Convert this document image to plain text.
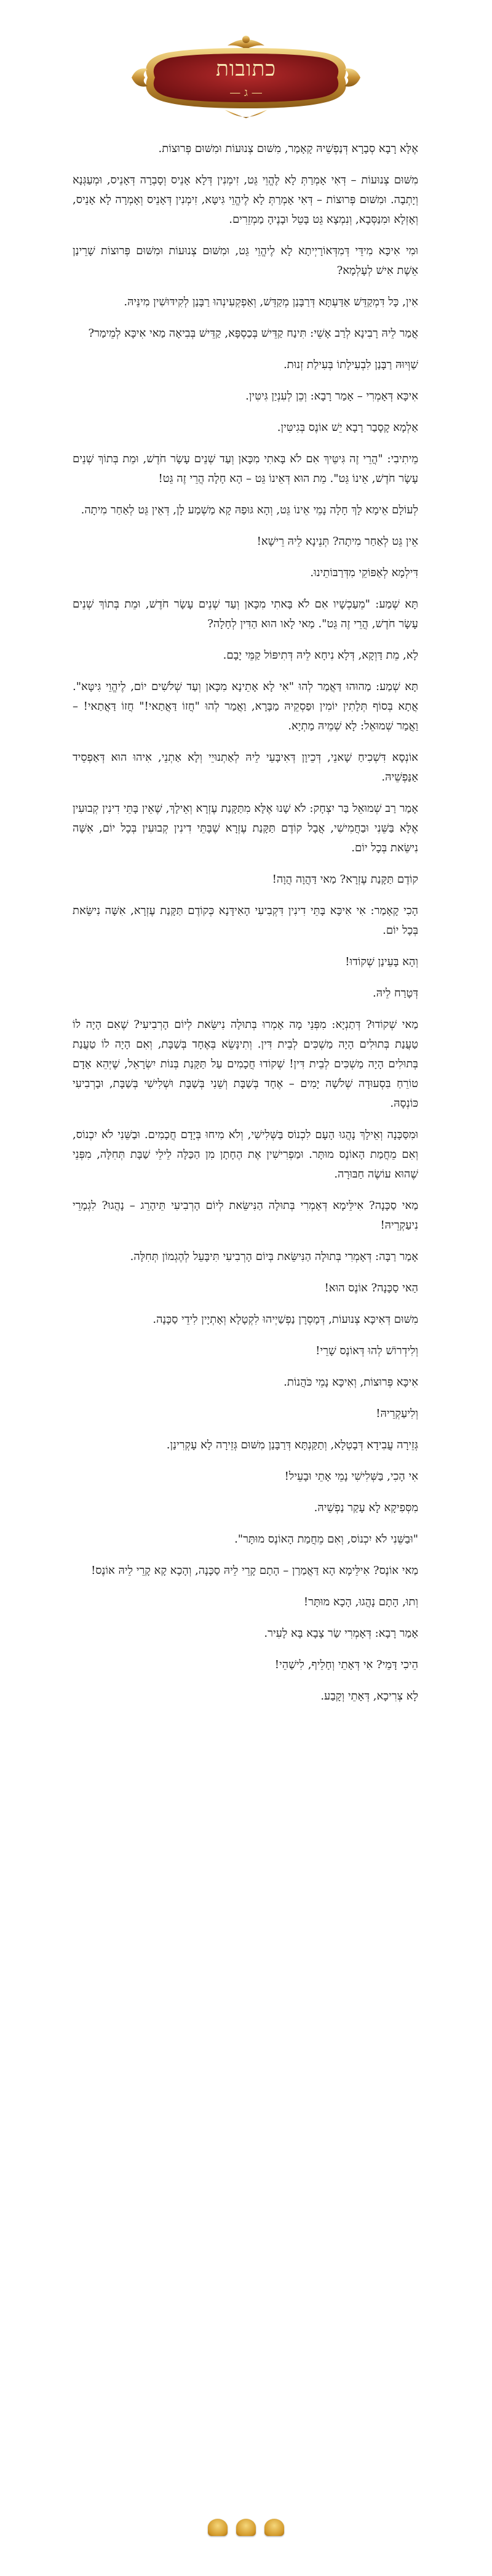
כתובות
— ג —

אֶלָּא רָבָא סְבָרָא דְּנַפְשֵׁיהּ קָאָמַר, מִשּׁוּם צְנוּעוֹת וּמִשּׁוּם פְּרוּצוֹת.

מִשּׁוּם צְנוּעוֹת – דְּאִי אָמְרַתְּ לָא לֶהֱוֵי גֵּט, זִימְנִין דְּלָא אָנֵיס וְסָבְרָה דְּאָנֵיס, וּמְעַגְּנָא וְיָתְבָה. וּמִשּׁוּם פְּרוּצוֹת – דְּאִי אָמְרַתְּ לָא לֶיהֱוֵי גִּיטָּא, זִימְנִין דְּאָנֵיס וְאָמְרָה לָא אָנֵיס, וְאָזְלָא וּמִנַּסְּבָא, וְנִמְצָא גֵּט בָּטֵל וּבָנֶיהָ מַמְזֵרִים.

וּמִי אִיכָּא מִידֵּי דְּמִדְּאוֹרָיְיתָא לָא לֶיהֱוֵי גֵּט, וּמִשּׁוּם צְנוּעוֹת וּמִשּׁוּם פְּרוּצוֹת שָׁרֵינַן אֵשֶׁת אִישׁ לְעָלְמָא?

אִין, כָּל דִּמְקַדֵּשׁ אַדַּעְתָּא דְּרַבָּנַן מְקַדֵּשׁ, וְאַפְקְעִינְהוּ רַבָּנַן לְקִידּוּשִׁין מִינֵּיהּ.

אֲמַר לֵיהּ רָבִינָא לְרַב אָשֵׁי: תִּינַח קַדֵּישׁ בְּכַסְפָּא, קַדֵּישׁ בְּבִיאָה מַאי אִיכָּא לְמֵימַר?

שַׁוְּיוּהּ רַבָּנַן לִבְעִילָתוֹ בְּעִילַת זְנוּת.

אִיכָּא דְּאָמְרִי – אָמַר רָבָא: וְכֵן לְעִנְיַן גִּיטִּין.

אַלְמָא קָסָבַר רָבָא יֵשׁ אוֹנֶס בְּגִיטִּין.

מֵיתִיבִי: "הֲרֵי זֶה גִּיטֵּיךְ אִם לֹא בָּאתִי מִכָּאן וְעַד שְׁנֵים עָשָׂר חֹדֶשׁ, וּמֵת בְּתוֹךְ שְׁנֵים עָשָׂר חֹדֶשׁ, אֵינוֹ גֵּט". מֵת הוּא דְּאֵינוֹ גֵּט – הָא חָלָה הֲרֵי זֶה גֵּט!

לְעוֹלָם אֵימָא לָךְ חָלָה נָמֵי אֵינוֹ גֵּט, וְהָא גּוּפַהּ קָא מַשְׁמַע לָן, דְּאֵין גֵּט לְאַחַר מִיתָה.

אֵין גֵּט לְאַחַר מִיתָה? תְּנֵינָא לֵיהּ רֵישָׁא!

דִּילְמָא לְאַפּוֹקֵי מִדְּרַבּוֹתֵינוּ.

תָּא שְׁמַע: "מֵעַכְשָׁיו אִם לֹא בָּאתִי מִכָּאן וְעַד שְׁנֵים עָשָׂר חֹדֶשׁ, וּמֵת בְּתוֹךְ שְׁנֵים עָשָׂר חֹדֶשׁ, הֲרֵי זֶה גֵּט". מַאי לָאו הוּא הַדִּין לְחָלָה?

לָא, מֵת דַּוְקָא, דְּלָא נִיחָא לֵיהּ דְּתִיפּוֹל קַמֵּי יָבָם.

תָּא שְׁמַע: מַהוּהוּ דַּאֲמַר לְהוּ "אִי לָא אָתֵינָא מִכָּאן וְעַד שְׁלֹשִׁים יוֹם, לֶיהֱוֵי גִּיטָּא". אֲתָא בְּסוֹף תְּלָתִין יוֹמִין וּפַסְקֵיהּ מַבָּרָא, וַאֲמַר לְהוּ "חֲזוֹ דַּאֲתַאי!" חֲזוֹ דַּאֲתַאי! – וַאֲמַר שְׁמוּאֵל: לָא שְׁמֵיהּ מַתְיָא.

אוֹנְסָא דִּשְׁכִיחַ שָׁאנֵי, דְּכֵיוָן דְּאִיבָּעֵי לֵיהּ לְאַתְנוּיֵי וְלָא אַתְנֵי, אִיהוּ הוּא דְּאַפְסֵיד אַנַּפְשֵׁיהּ.

אָמַר רַב שְׁמוּאֵל בַּר יִצְחָק: לֹא שָׁנוּ אֶלָּא מִתַּקָּנַת עֶזְרָא וְאֵילָךְ, שֶׁאֵין בָּתֵּי דִינִין קְבוּעִין אֶלָּא בַּשֵּׁנִי וּבַחֲמִישִׁי, אֲבָל קוֹדֶם תַּקָּנַת עֶזְרָא שֶׁבָּתֵּי דִינִין קְבוּעִין בְּכָל יוֹם, אִשָּׁה נִישֵּׂאת בְּכָל יוֹם.

קוֹדֶם תַּקָּנַת עֶזְרָא? מַאי דַּהֲוָה הֲוָה!

הָכִי קָאָמַר: אִי אִיכָּא בָּתֵּי דִינִין דִּקְבִיעִי הָאִידָּנָא כְּקוֹדֶם תַּקָּנַת עֶזְרָא, אִשָּׁה נִישֵּׂאת בְּכָל יוֹם.

וְהָא בָּעֵינַן שְׁקוֹדוּ!

דְּטָרַח לֵיהּ.

מַאי שְׁקוֹדוּ? דְּתַנְיָא: מִפְּנֵי מָה אָמְרוּ בְּתוּלָה נִישֵּׂאת לְיוֹם הָרְבִיעִי? שֶׁאִם הָיָה לוֹ טַעֲנַת בְּתוּלִים הָיָה מַשְׁכִּים לְבֵית דִּין. וְתִינָּשֵׂא בְּאֶחָד בְּשַׁבָּת, וְאִם הָיָה לוֹ טַעֲנַת בְּתוּלִים הָיָה מַשְׁכִּים לְבֵית דִּין! שְׁקוֹדוּ חֲכָמִים עַל תַּקָּנַת בְּנוֹת יִשְׂרָאֵל, שֶׁיְּהֵא אָדָם טוֹרֵחַ בִּסְעוּדָה שְׁלֹשָׁה יָמִים – אֶחָד בְּשַׁבָּת וְשֵׁנִי בְּשַׁבָּת וּשְׁלִישִׁי בְּשַׁבָּת, וּבָרְבִיעִי כּוֹנְסָהּ.

וּמִסַּכָּנָה וְאֵילָךְ נָהֲגוּ הָעָם לִכְנוֹס בַּשְּׁלִישִׁי, וְלֹא מִיחוּ בְּיָדָם חֲכָמִים. וּבַשֵּׁנִי לֹא יִכְנוֹס, וְאִם מֵחֲמַת הָאוֹנֶס מוּתָּר. וּמַפְרִישִׁין אֶת הֶחָתָן מִן הַכַּלָּה לֵילֵי שַׁבָּת תְּחִלָּה, מִפְּנֵי שֶׁהוּא עוֹשֶׂה חַבּוּרָה.

מַאי סַכָּנָה? אִילֵּימָא דְּאָמְרִי בְּתוּלָה הַנִּישֵּׂאת לְיוֹם הָרְבִיעִי תֵּיהָרֵג – נָהֲגוּ? לִגְמָרֵי נִיעַקְרֵיהּ!

אָמַר רַבָּה: דְּאָמְרִי בְּתוּלָה הַנִּישֵּׂאת בְּיוֹם הָרְבִיעִי תִּיבָּעֵל לְהֶגְמוֹן תְּחִלָּה.

הַאי סַכָּנָה? אוֹנֶס הוּא!

מִשּׁוּם דְּאִיכָּא צְנוּעוֹת, דְּמָסְרָן נַפְשַׁיְיהוּ לִקְטָלָא וְאָתְיָין לִידֵי סַכָּנָה.

וְלִידְרוֹשׁ לְהוּ דְּאוֹנֶס שָׁרֵי!

אִיכָּא פְּרוּצוֹת, וְאִיכָּא נָמֵי כֹּהֲנוֹת.

וְלִיעַקְרֵיהּ!

גְּזֵירָה עֲבִידָא דְּבָטְלָא, וְתַקַּנְתָּא דְּרַבָּנַן מִשּׁוּם גְּזֵירָה לָא עָקְרִינַן.

אִי הָכִי, בַּשְּׁלִישִׁי נָמֵי אָתֵי וּבָעֵיל!

מִסְּפִיקָא לָא עָקַר נַפְשֵׁיהּ.

"וּבַשֵּׁנִי לֹא יִכְנוֹס, וְאִם מֵחֲמַת הָאוֹנֶס מוּתָּר".

מַאי אוֹנֶס? אִילֵּימָא הָא דַּאֲמַרַן – הָתָם קָרֵי לֵיהּ סַכָּנָה, וְהָכָא קָא קָרֵי לֵיהּ אוֹנֶס!

וְתוּ, הָתָם נָהֲגוּ, הָכָא מוּתָּר!

אָמַר רָבָא: דְּאָמְרִי שַׂר צָבָא בָּא לָעִיר.

הֵיכִי דָּמֵי? אִי דְּאָתֵי וְחָלֵיף, לִישַׁהֵי!

לָא צְרִיכָא, דְּאָתֵי וְקָבַע.
